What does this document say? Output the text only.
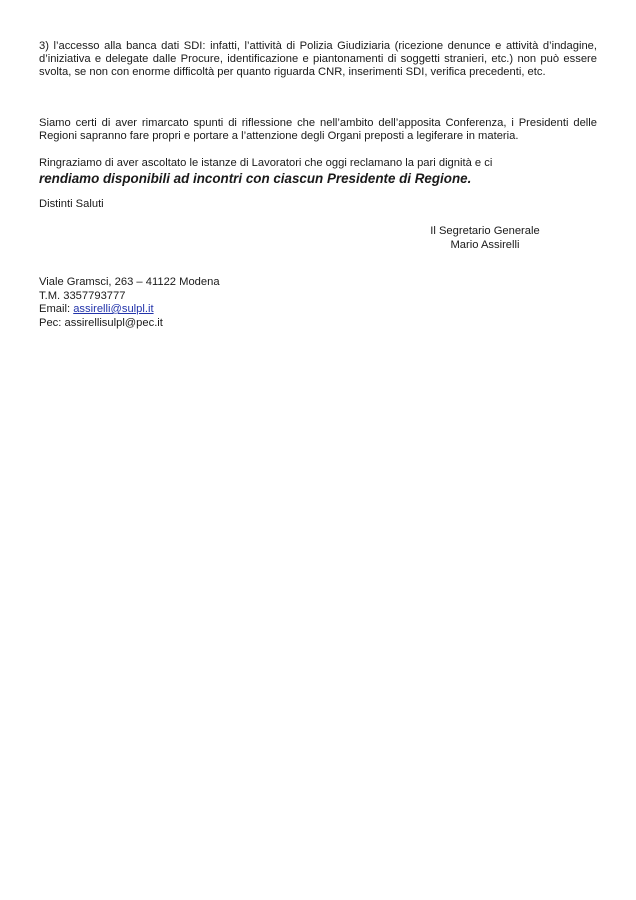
3) l’accesso alla banca dati SDI: infatti, l’attività di Polizia Giudiziaria (ricezione denunce e attività d’indagine, d’iniziativa e delegate dalle Procure, identificazione e piantonamenti di soggetti stranieri, etc.) non può essere svolta, se non con enorme difficoltà per quanto riguarda CNR, inserimenti SDI, verifica precedenti, etc.

Siamo certi di aver rimarcato spunti di riflessione che nell’ambito dell’apposita Conferenza, i Presidenti delle Regioni sapranno fare propri e portare a l’attenzione degli Organi preposti a legiferare in materia.

Ringraziamo di aver ascoltato le istanze di Lavoratori che oggi reclamano la pari dignità e ci
rendiamo disponibili ad incontri con ciascun Presidente di Regione.

Distinti Saluti

Il Segretario Generale
Mario Assirelli
Viale Gramsci, 263 – 41122 Modena
T.M. 3357793777
Email: assirelli@sulpl.it
Pec: assirellisulpl@pec.it
